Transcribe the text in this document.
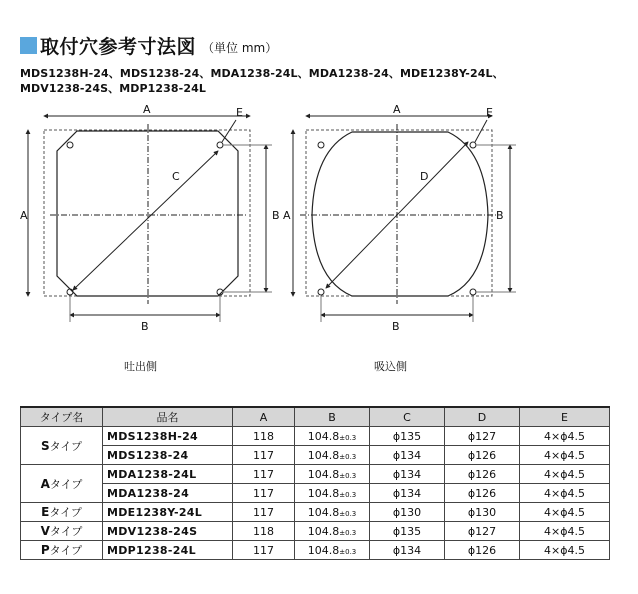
取付穴参考寸法図 （単位 mm）
MDS1238H-24、MDS1238-24、MDA1238-24L、MDA1238-24、MDE1238Y-24L、
MDV1238-24S、MDP1238-24L
A
A	B
B
C
E	A
A	B
B
D
E
吐出側	吸込側
タイプ名	品名	A	B	C	D	E
Sタイプ	MDS1238H-24	118	104.8±0.3	ϕ135	ϕ127	4×ϕ4.5
	MDS1238-24	117	104.8±0.3	ϕ134	ϕ126	4×ϕ4.5
Aタイプ	MDA1238-24L	117	104.8±0.3	ϕ134	ϕ126	4×ϕ4.5
	MDA1238-24	117	104.8±0.3	ϕ134	ϕ126	4×ϕ4.5
Eタイプ	MDE1238Y-24L	117	104.8±0.3	ϕ130	ϕ130	4×ϕ4.5
Vタイプ	MDV1238-24S	118	104.8±0.3	ϕ135	ϕ127	4×ϕ4.5
Pタイプ	MDP1238-24L	117	104.8±0.3	ϕ134	ϕ126	4×ϕ4.5
